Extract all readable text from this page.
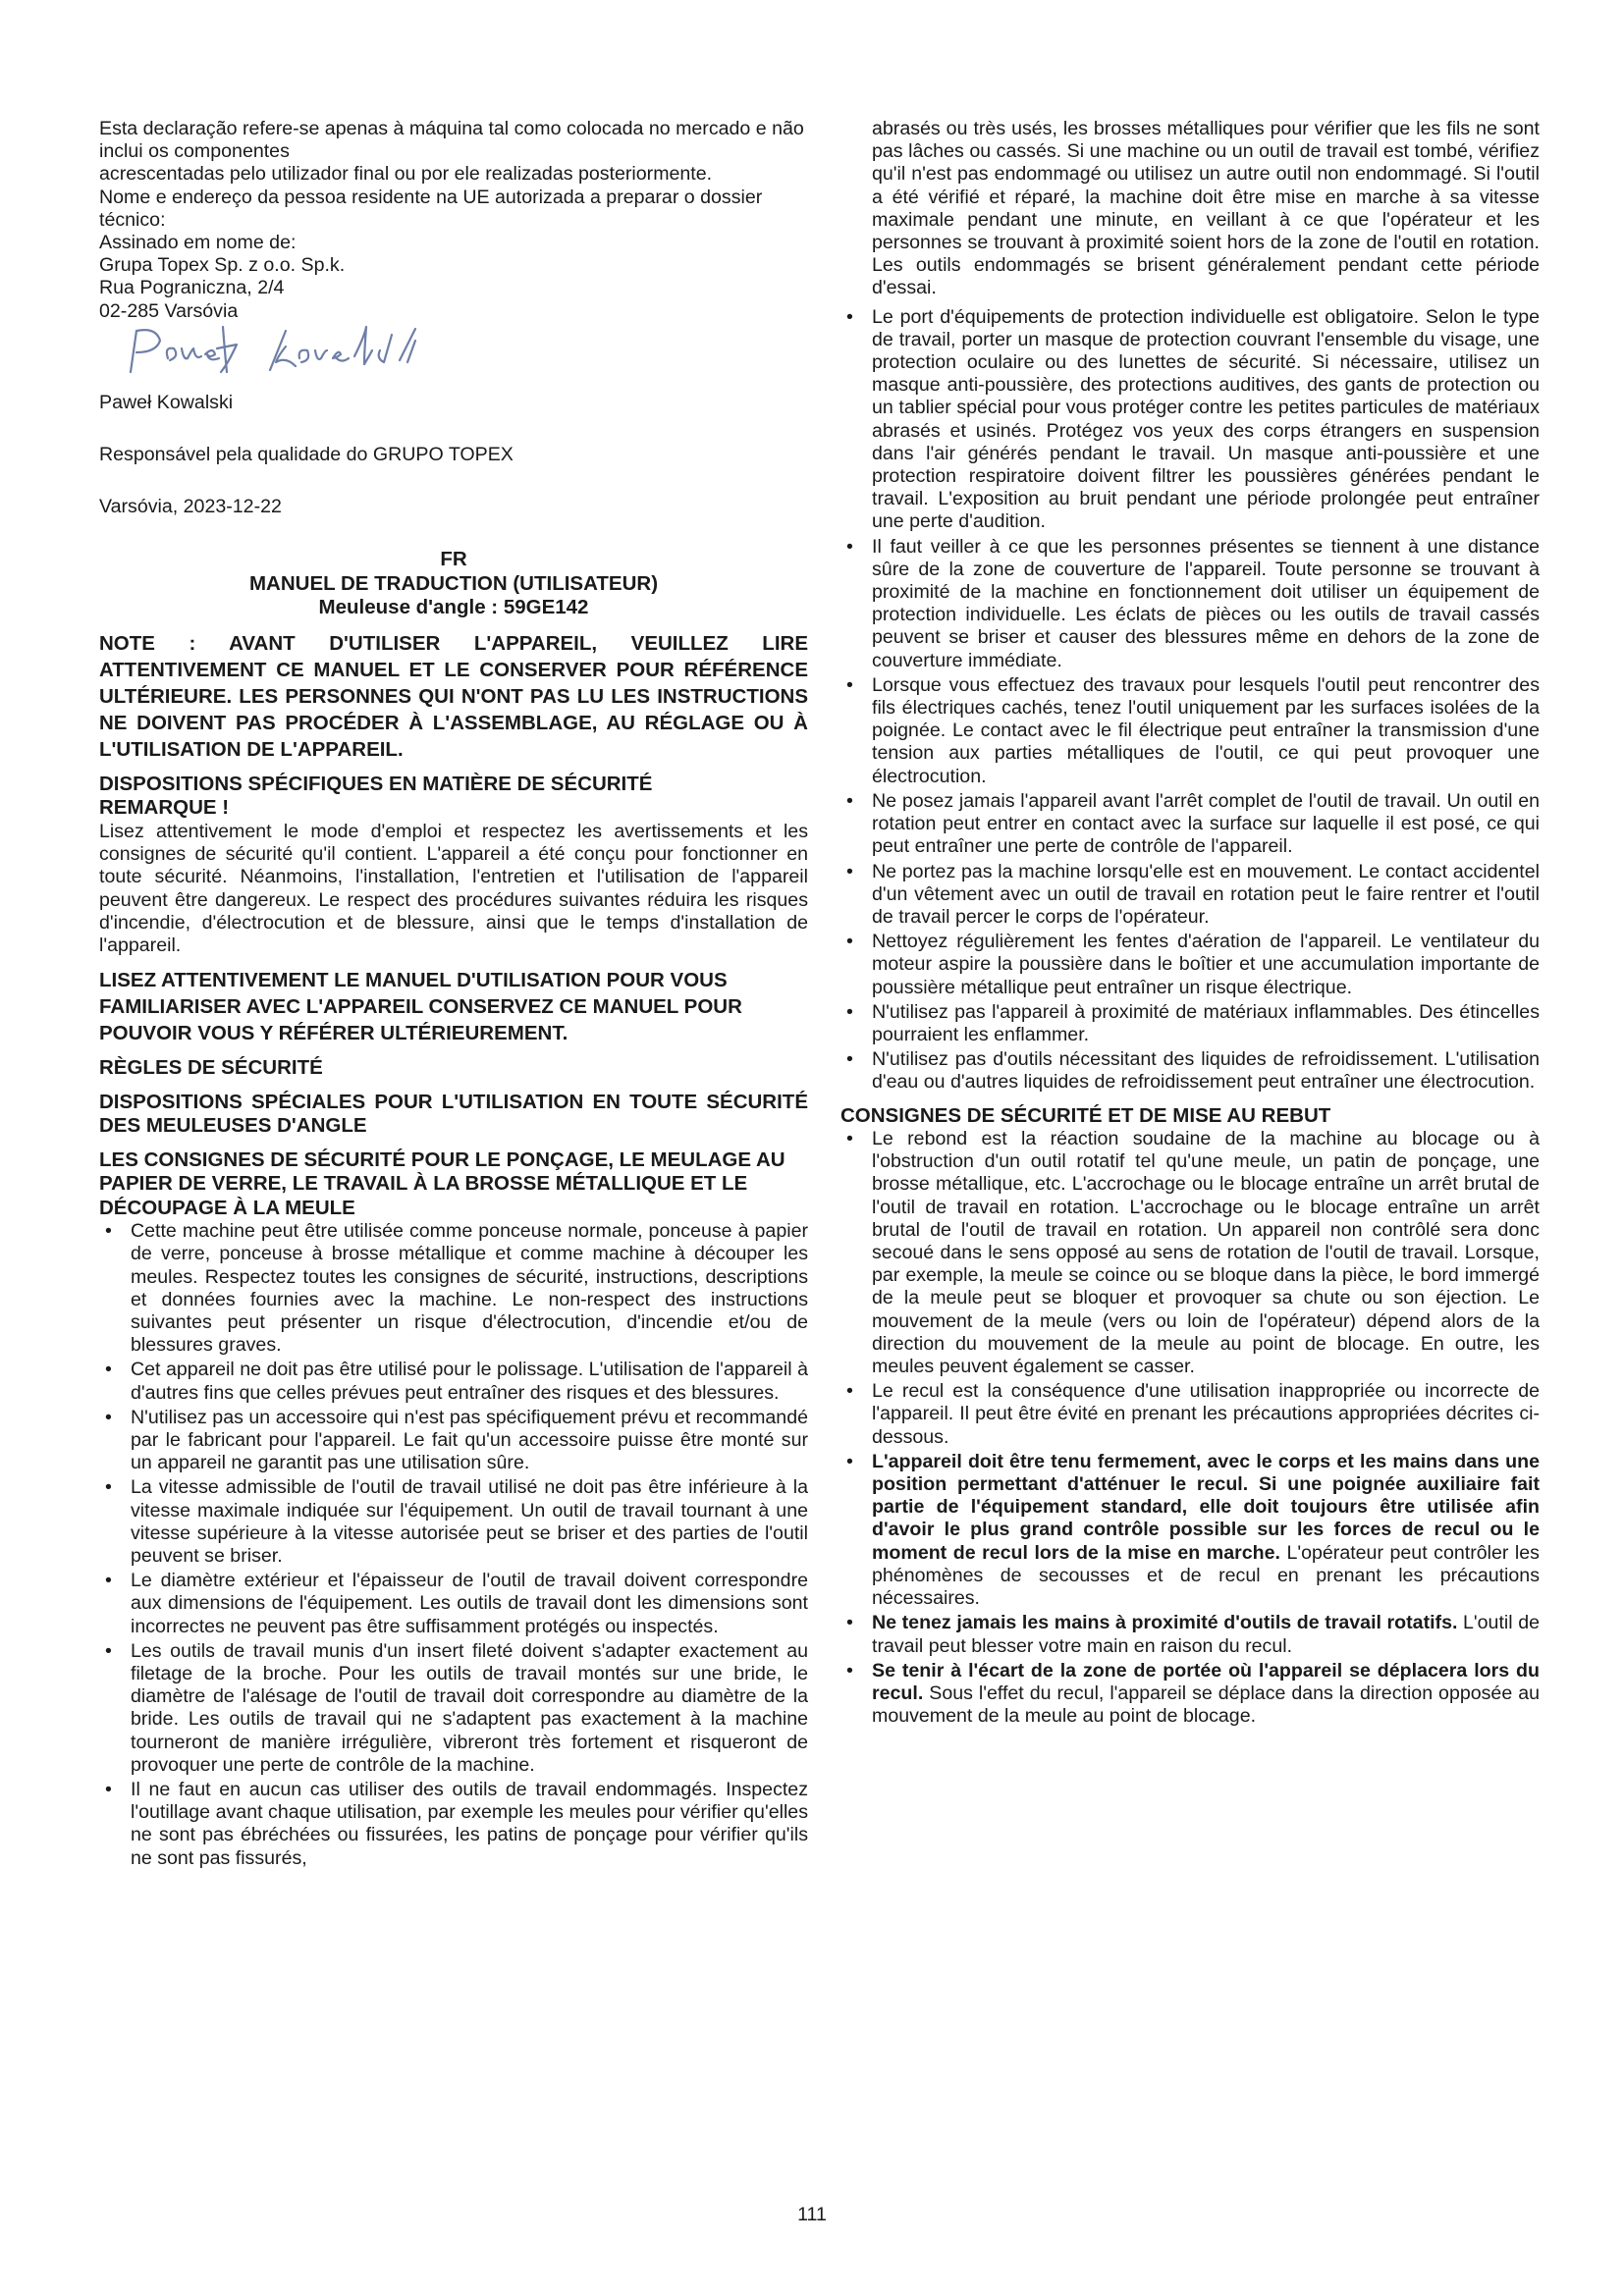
Esta declaração refere-se apenas à máquina tal como colocada no mercado e não inclui os componentes

acrescentadas pelo utilizador final ou por ele realizadas posteriormente.

Nome e endereço da pessoa residente na UE autorizada a preparar o dossier técnico:

Assinado em nome de:

Grupa Topex Sp. z o.o. Sp.k.

Rua Pograniczna, 2/4

02-285 Varsóvia

Paweł Kowalski

Responsável pela qualidade do GRUPO TOPEX

Varsóvia, 2023-12-22

FR

MANUEL DE TRADUCTION (UTILISATEUR)

Meuleuse d'angle : 59GE142

NOTE : AVANT D'UTILISER L'APPAREIL, VEUILLEZ LIRE ATTENTIVEMENT CE MANUEL ET LE CONSERVER POUR RÉFÉRENCE ULTÉRIEURE. LES PERSONNES QUI N'ONT PAS LU LES INSTRUCTIONS NE DOIVENT PAS PROCÉDER À L'ASSEMBLAGE, AU RÉGLAGE OU À L'UTILISATION DE L'APPAREIL.

DISPOSITIONS SPÉCIFIQUES EN MATIÈRE DE SÉCURITÉ

REMARQUE !

Lisez attentivement le mode d'emploi et respectez les avertissements et les consignes de sécurité qu'il contient. L'appareil a été conçu pour fonctionner en toute sécurité. Néanmoins, l'installation, l'entretien et l'utilisation de l'appareil peuvent être dangereux. Le respect des procédures suivantes réduira les risques d'incendie, d'électrocution et de blessure, ainsi que le temps d'installation de l'appareil.

LISEZ ATTENTIVEMENT LE MANUEL D'UTILISATION POUR VOUS FAMILIARISER AVEC L'APPAREIL CONSERVEZ CE MANUEL POUR POUVOIR VOUS Y RÉFÉRER ULTÉRIEUREMENT.

RÈGLES DE SÉCURITÉ

DISPOSITIONS SPÉCIALES POUR L'UTILISATION EN TOUTE SÉCURITÉ DES MEULEUSES D'ANGLE

LES CONSIGNES DE SÉCURITÉ POUR LE PONÇAGE, LE MEULAGE AU PAPIER DE VERRE, LE TRAVAIL À LA BROSSE MÉTALLIQUE ET LE DÉCOUPAGE À LA MEULE

• Cette machine peut être utilisée comme ponceuse normale, ponceuse à papier de verre, ponceuse à brosse métallique et comme machine à découper les meules. Respectez toutes les consignes de sécurité, instructions, descriptions et données fournies avec la machine. Le non-respect des instructions suivantes peut présenter un risque d'électrocution, d'incendie et/ou de blessures graves.
• Cet appareil ne doit pas être utilisé pour le polissage. L'utilisation de l'appareil à d'autres fins que celles prévues peut entraîner des risques et des blessures.
• N'utilisez pas un accessoire qui n'est pas spécifiquement prévu et recommandé par le fabricant pour l'appareil. Le fait qu'un accessoire puisse être monté sur un appareil ne garantit pas une utilisation sûre.
• La vitesse admissible de l'outil de travail utilisé ne doit pas être inférieure à la vitesse maximale indiquée sur l'équipement. Un outil de travail tournant à une vitesse supérieure à la vitesse autorisée peut se briser et des parties de l'outil peuvent se briser.
• Le diamètre extérieur et l'épaisseur de l'outil de travail doivent correspondre aux dimensions de l'équipement. Les outils de travail dont les dimensions sont incorrectes ne peuvent pas être suffisamment protégés ou inspectés.
• Les outils de travail munis d'un insert fileté doivent s'adapter exactement au filetage de la broche. Pour les outils de travail montés sur une bride, le diamètre de l'alésage de l'outil de travail doit correspondre au diamètre de la bride. Les outils de travail qui ne s'adaptent pas exactement à la machine tourneront de manière irrégulière, vibreront très fortement et risqueront de provoquer une perte de contrôle de la machine.
• Il ne faut en aucun cas utiliser des outils de travail endommagés. Inspectez l'outillage avant chaque utilisation, par exemple les meules pour vérifier qu'elles ne sont pas ébréchées ou fissurées, les patins de ponçage pour vérifier qu'ils ne sont pas fissurés,

abrasés ou très usés, les brosses métalliques pour vérifier que les fils ne sont pas lâches ou cassés. Si une machine ou un outil de travail est tombé, vérifiez qu'il n'est pas endommagé ou utilisez un autre outil non endommagé. Si l'outil a été vérifié et réparé, la machine doit être mise en marche à sa vitesse maximale pendant une minute, en veillant à ce que l'opérateur et les personnes se trouvant à proximité soient hors de la zone de l'outil en rotation. Les outils endommagés se brisent généralement pendant cette période d'essai.

• Le port d'équipements de protection individuelle est obligatoire. Selon le type de travail, porter un masque de protection couvrant l'ensemble du visage, une protection oculaire ou des lunettes de sécurité. Si nécessaire, utilisez un masque anti-poussière, des protections auditives, des gants de protection ou un tablier spécial pour vous protéger contre les petites particules de matériaux abrasés et usinés. Protégez vos yeux des corps étrangers en suspension dans l'air générés pendant le travail. Un masque anti-poussière et une protection respiratoire doivent filtrer les poussières générées pendant le travail. L'exposition au bruit pendant une période prolongée peut entraîner une perte d'audition.
• Il faut veiller à ce que les personnes présentes se tiennent à une distance sûre de la zone de couverture de l'appareil. Toute personne se trouvant à proximité de la machine en fonctionnement doit utiliser un équipement de protection individuelle. Les éclats de pièces ou les outils de travail cassés peuvent se briser et causer des blessures même en dehors de la zone de couverture immédiate.
• Lorsque vous effectuez des travaux pour lesquels l'outil peut rencontrer des fils électriques cachés, tenez l'outil uniquement par les surfaces isolées de la poignée. Le contact avec le fil électrique peut entraîner la transmission d'une tension aux parties métalliques de l'outil, ce qui peut provoquer une électrocution.
• Ne posez jamais l'appareil avant l'arrêt complet de l'outil de travail. Un outil en rotation peut entrer en contact avec la surface sur laquelle il est posé, ce qui peut entraîner une perte de contrôle de l'appareil.
• Ne portez pas la machine lorsqu'elle est en mouvement. Le contact accidentel d'un vêtement avec un outil de travail en rotation peut le faire rentrer et l'outil de travail percer le corps de l'opérateur.
• Nettoyez régulièrement les fentes d'aération de l'appareil. Le ventilateur du moteur aspire la poussière dans le boîtier et une accumulation importante de poussière métallique peut entraîner un risque électrique.
• N'utilisez pas l'appareil à proximité de matériaux inflammables. Des étincelles pourraient les enflammer.
• N'utilisez pas d'outils nécessitant des liquides de refroidissement. L'utilisation d'eau ou d'autres liquides de refroidissement peut entraîner une électrocution.

CONSIGNES DE SÉCURITÉ ET DE MISE AU REBUT

• Le rebond est la réaction soudaine de la machine au blocage ou à l'obstruction d'un outil rotatif tel qu'une meule, un patin de ponçage, une brosse métallique, etc. L'accrochage ou le blocage entraîne un arrêt brutal de l'outil de travail en rotation. L'accrochage ou le blocage entraîne un arrêt brutal de l'outil de travail en rotation. Un appareil non contrôlé sera donc secoué dans le sens opposé au sens de rotation de l'outil de travail. Lorsque, par exemple, la meule se coince ou se bloque dans la pièce, le bord immergé de la meule peut se bloquer et provoquer sa chute ou son éjection. Le mouvement de la meule (vers ou loin de l'opérateur) dépend alors de la direction du mouvement de la meule au point de blocage. En outre, les meules peuvent également se casser.
• Le recul est la conséquence d'une utilisation inappropriée ou incorrecte de l'appareil. Il peut être évité en prenant les précautions appropriées décrites ci-dessous.
• L'appareil doit être tenu fermement, avec le corps et les mains dans une position permettant d'atténuer le recul. Si une poignée auxiliaire fait partie de l'équipement standard, elle doit toujours être utilisée afin d'avoir le plus grand contrôle possible sur les forces de recul ou le moment de recul lors de la mise en marche. L'opérateur peut contrôler les phénomènes de secousses et de recul en prenant les précautions nécessaires.
• Ne tenez jamais les mains à proximité d'outils de travail rotatifs. L'outil de travail peut blesser votre main en raison du recul.
• Se tenir à l'écart de la zone de portée où l'appareil se déplacera lors du recul. Sous l'effet du recul, l'appareil se déplace dans la direction opposée au mouvement de la meule au point de blocage.
111
